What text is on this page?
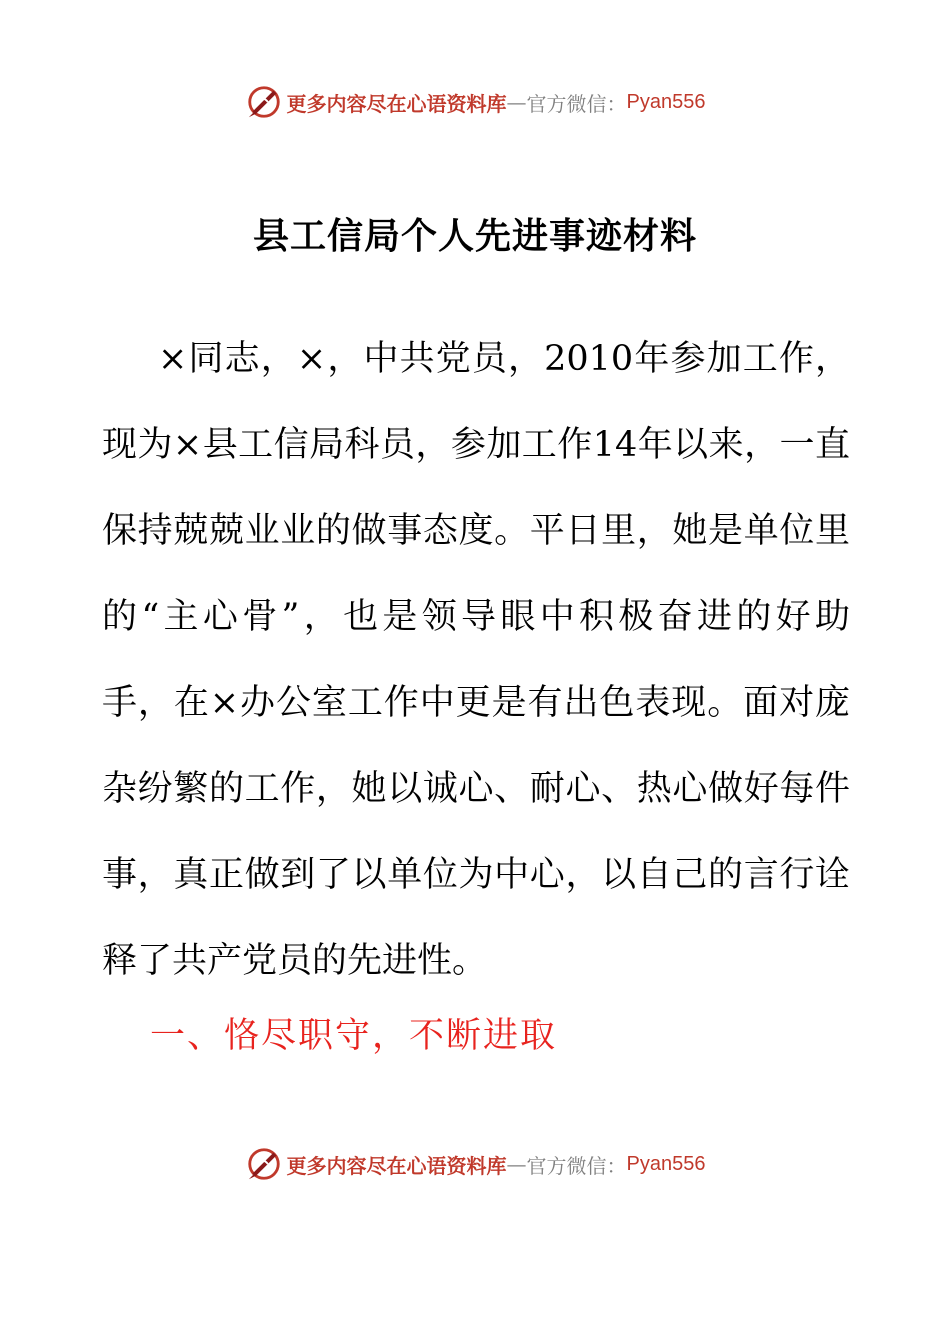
更多内容尽在心语资料库 — 官方微信： Pyan556
县工信局个人先进事迹材料
×同志，×，中共党员，2010年参加工作，
现为×县工信局科员，参加工作14年以来，一直
保持兢兢业业的做事态度。平日里，她是单位里
的“主心骨”，也是领导眼中积极奋进的好助
手，在×办公室工作中更是有出色表现。面对庞
杂纷繁的工作，她以诚心、耐心、热心做好每件
事，真正做到了以单位为中心，以自己的言行诠
释了共产党员的先进性。
一、恪尽职守，不断进取
更多内容尽在心语资料库 — 官方微信： Pyan556
